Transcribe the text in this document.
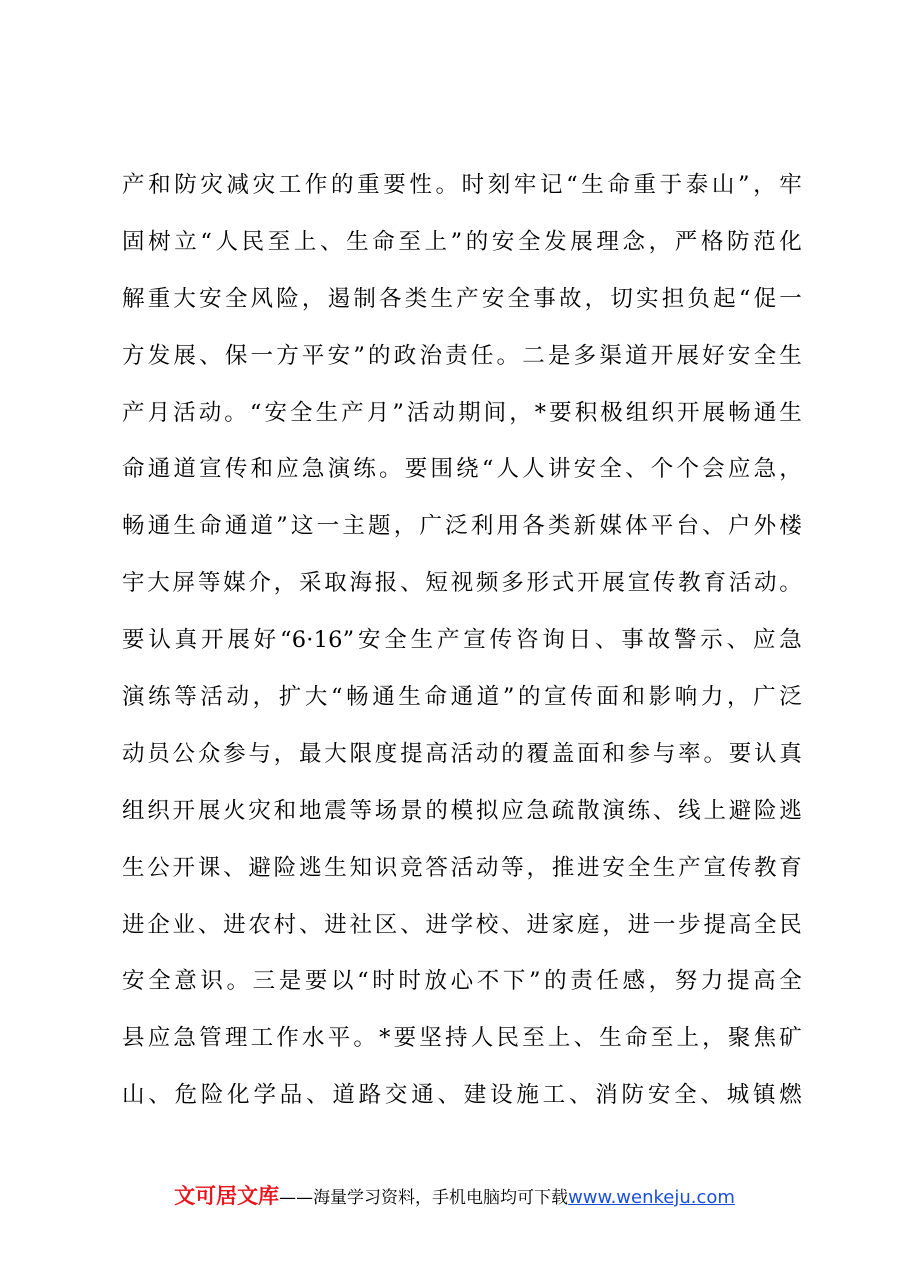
产和防灾减灾工作的重要性。时刻牢记“生命重于泰山”，牢
固树立“人民至上、生命至上”的安全发展理念，严格防范化
解重大安全风险，遏制各类生产安全事故，切实担负起“促一
方发展、保一方平安”的政治责任。二是多渠道开展好安全生
产月活动。“安全生产月”活动期间，*要积极组织开展畅通生
命通道宣传和应急演练。要围绕“人人讲安全、个个会应急，
畅通生命通道”这一主题，广泛利用各类新媒体平台、户外楼
宇大屏等媒介，采取海报、短视频多形式开展宣传教育活动。
要认真开展好“6·16”安全生产宣传咨询日、事故警示、应急
演练等活动，扩大“畅通生命通道”的宣传面和影响力，广泛
动员公众参与，最大限度提高活动的覆盖面和参与率。要认真
组织开展火灾和地震等场景的模拟应急疏散演练、线上避险逃
生公开课、避险逃生知识竞答活动等，推进安全生产宣传教育
进企业、进农村、进社区、进学校、进家庭，进一步提高全民
安全意识。三是要以“时时放心不下”的责任感，努力提高全
县应急管理工作水平。*要坚持人民至上、生命至上，聚焦矿
山、危险化学品、道路交通、建设施工、消防安全、城镇燃
文可居文库——海量学习资料，手机电脑均可下载www.wenkeju.com
